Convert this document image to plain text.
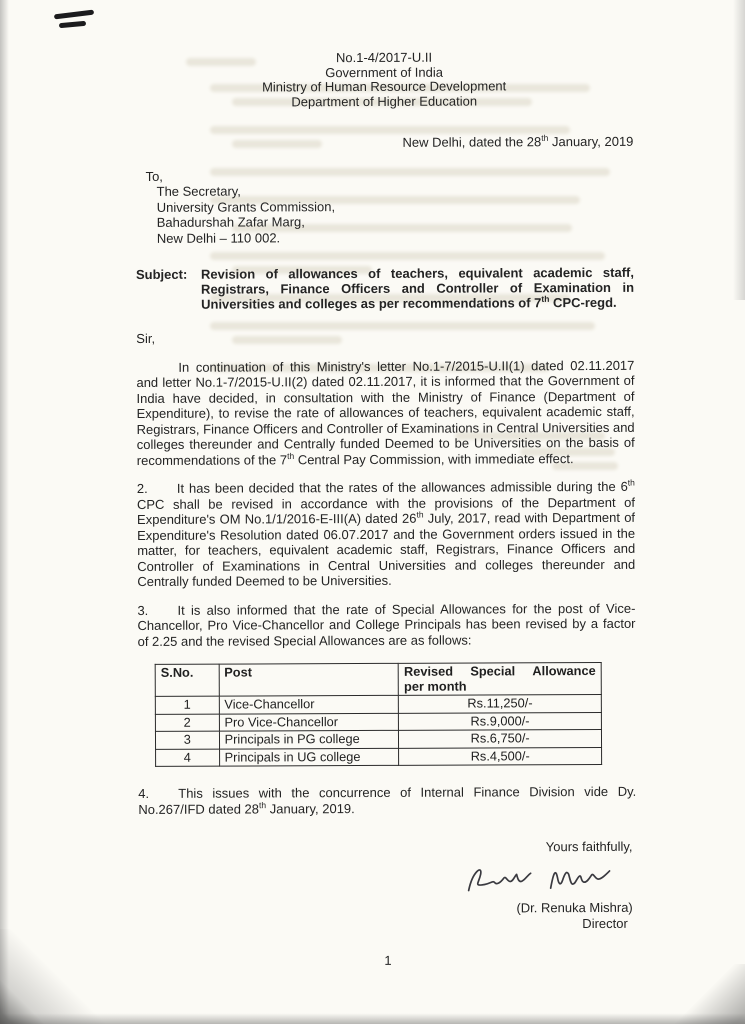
No.1-4/2017-U.II
Government of India
Ministry of Human Resource Development
Department of Higher Education
New Delhi, dated the 28th January, 2019
To,
The Secretary,
University Grants Commission,
Bahadurshah Zafar Marg,
New Delhi – 110 002.
Subject:	Revision of allowances of teachers, equivalent academic staff, Registrars, Finance Officers and Controller of Examination in Universities and colleges as per recommendations of 7th CPC-regd.
Sir,

In continuation of this Ministry's letter No.1-7/2015-U.II(1) dated 02.11.2017 and letter No.1-7/2015-U.II(2) dated 02.11.2017, it is informed that the Government of India have decided, in consultation with the Ministry of Finance (Department of Expenditure), to revise the rate of allowances of teachers, equivalent academic staff, Registrars, Finance Officers and Controller of Examinations in Central Universities and colleges thereunder and Centrally funded Deemed to be Universities on the basis of recommendations of the 7th Central Pay Commission, with immediate effect.

2. It has been decided that the rates of the allowances admissible during the 6th CPC shall be revised in accordance with the provisions of the Department of Expenditure's OM No.1/1/2016-E-III(A) dated 26th July, 2017, read with Department of Expenditure's Resolution dated 06.07.2017 and the Government orders issued in the matter, for teachers, equivalent academic staff, Registrars, Finance Officers and Controller of Examinations in Central Universities and colleges thereunder and Centrally funded Deemed to be Universities.

3. It is also informed that the rate of Special Allowances for the post of Vice-Chancellor, Pro Vice-Chancellor and College Principals has been revised by a factor of 2.25 and the revised Special Allowances are as follows:

S.No.	Post	Revised Special Allowance
per month

1	Vice-Chancellor	Rs.11,250/-
2	Pro Vice-Chancellor	Rs.9,000/-
3	Principals in PG college	Rs.6,750/-
4	Principals in UG college	Rs.4,500/-

4. This issues with the concurrence of Internal Finance Division vide Dy. No.267/IFD dated 28th January, 2019.

Yours faithfully,
(Dr. Renuka Mishra)
Director
1
